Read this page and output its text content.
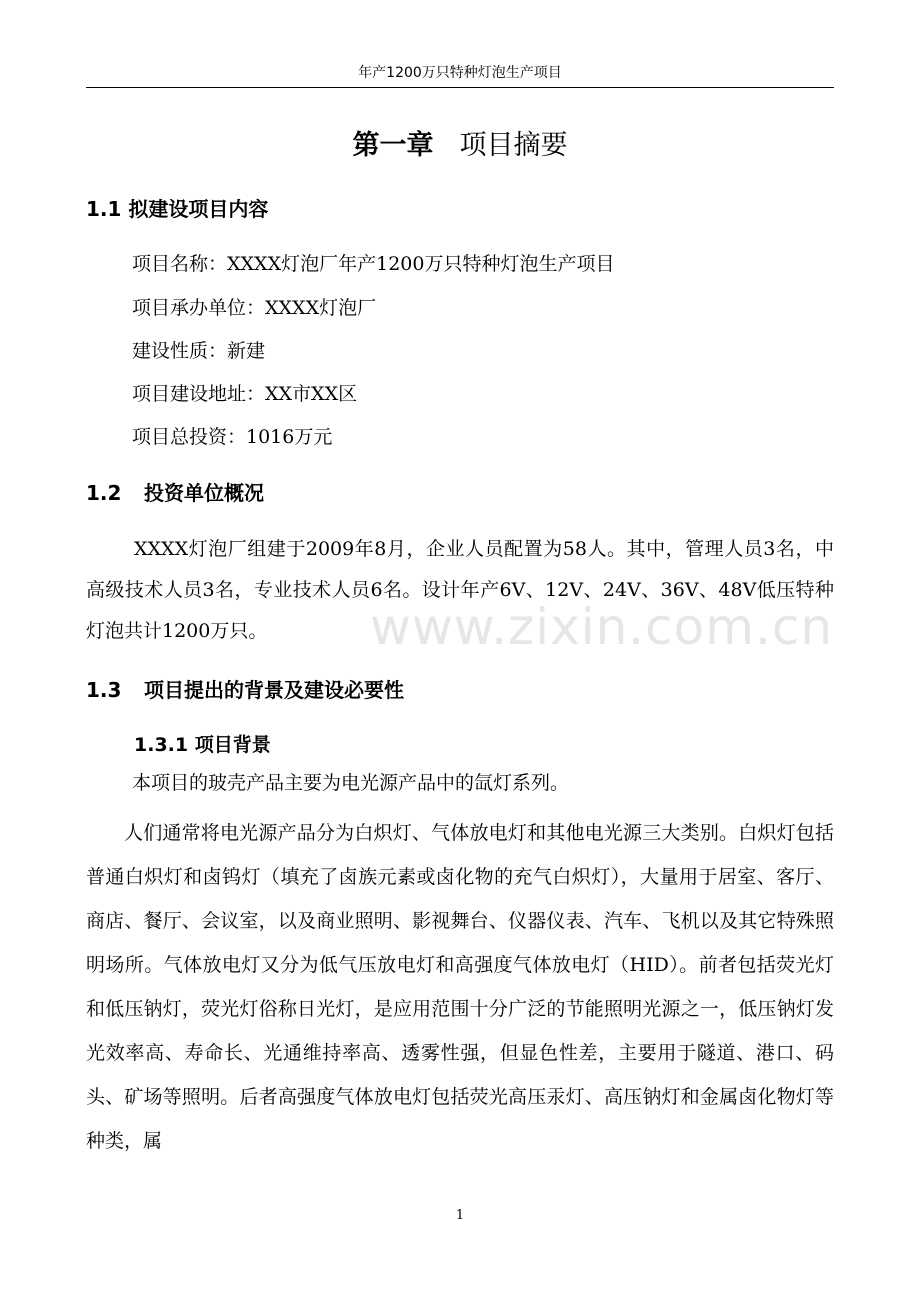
年产1200万只特种灯泡生产项目
第一章 项目摘要
1.1 拟建设项目内容
项目名称：XXXX灯泡厂年产1200万只特种灯泡生产项目
项目承办单位：XXXX灯泡厂
建设性质：新建
项目建设地址：XX市XX区
项目总投资：1016万元
1.2 投资单位概况

XXXX灯泡厂组建于2009年8月，企业人员配置为58人。其中，管理人员3名，中高级技术人员3名，专业技术人员6名。设计年产6V、12V、24V、36V、48V低压特种灯泡共计1200万只。	www.zixin.com.cn
1.3 项目提出的背景及建设必要性
1.3.1 项目背景
本项目的玻壳产品主要为电光源产品中的氙灯系列。

人们通常将电光源产品分为白炽灯、气体放电灯和其他电光源三大类别。白炽灯包括普通白炽灯和卤钨灯（填充了卤族元素或卤化物的充气白炽灯），大量用于居室、客厅、商店、餐厅、会议室，以及商业照明、影视舞台、仪器仪表、汽车、飞机以及其它特殊照明场所。气体放电灯又分为低气压放电灯和高强度气体放电灯（HID）。前者包括荧光灯和低压钠灯，荧光灯俗称日光灯，是应用范围十分广泛的节能照明光源之一，低压钠灯发光效率高、寿命长、光通维持率高、透雾性强，但显色性差，主要用于隧道、港口、码头、矿场等照明。后者高强度气体放电灯包括荧光高压汞灯、高压钠灯和金属卤化物灯等种类，属

1
